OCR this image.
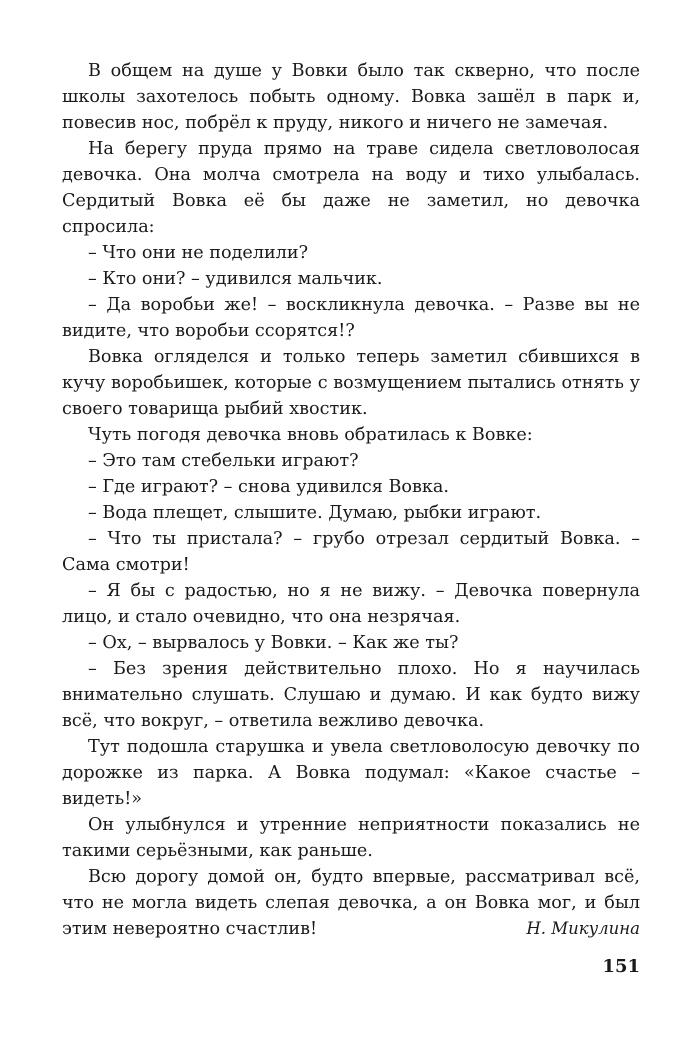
В общем на душе у Вовки было так скверно, что после школы захотелось побыть одному. Вовка зашёл в парк и, повесив нос, побрёл к пруду, никого и ничего не замечая.

На берегу пруда прямо на траве сидела светловолосая девочка. Она молча смотрела на воду и тихо улыбалась. Сердитый Вовка её бы даже не заметил, но девочка спросила:

– Что они не поделили?

– Кто они? – удивился мальчик.

– Да воробьи же! – воскликнула девочка. – Разве вы не видите, что воробьи ссорятся!?

Вовка огляделся и только теперь заметил сбившихся в кучу воробьишек, которые с возмущением пытались отнять у своего товарища рыбий хвостик.

Чуть погодя девочка вновь обратилась к Вовке:

– Это там стебельки играют?

– Где играют? – снова удивился Вовка.

– Вода плещет, слышите. Думаю, рыбки играют.

– Что ты пристала? – грубо отрезал сердитый Вовка. – Сама смотри!

– Я бы с радостью, но я не вижу. – Девочка повернула лицо, и стало очевидно, что она незрячая.

– Ох, – вырвалось у Вовки. – Как же ты?

– Без зрения действительно плохо. Но я научилась внимательно слушать. Слушаю и думаю. И как будто вижу всё, что вокруг, – ответила вежливо девочка.

Тут подошла старушка и увела светловолосую девочку по дорожке из парка. А Вовка подумал: «Какое счастье – видеть!»

Он улыбнулся и утренние неприятности показались не такими серьёзными, как раньше.

Всю дорогу домой он, будто впервые, рассматривал всё, что не могла видеть слепая девочка, а он Вовка мог, и был этим невероятно счастлив!	Н. Микулина

151
